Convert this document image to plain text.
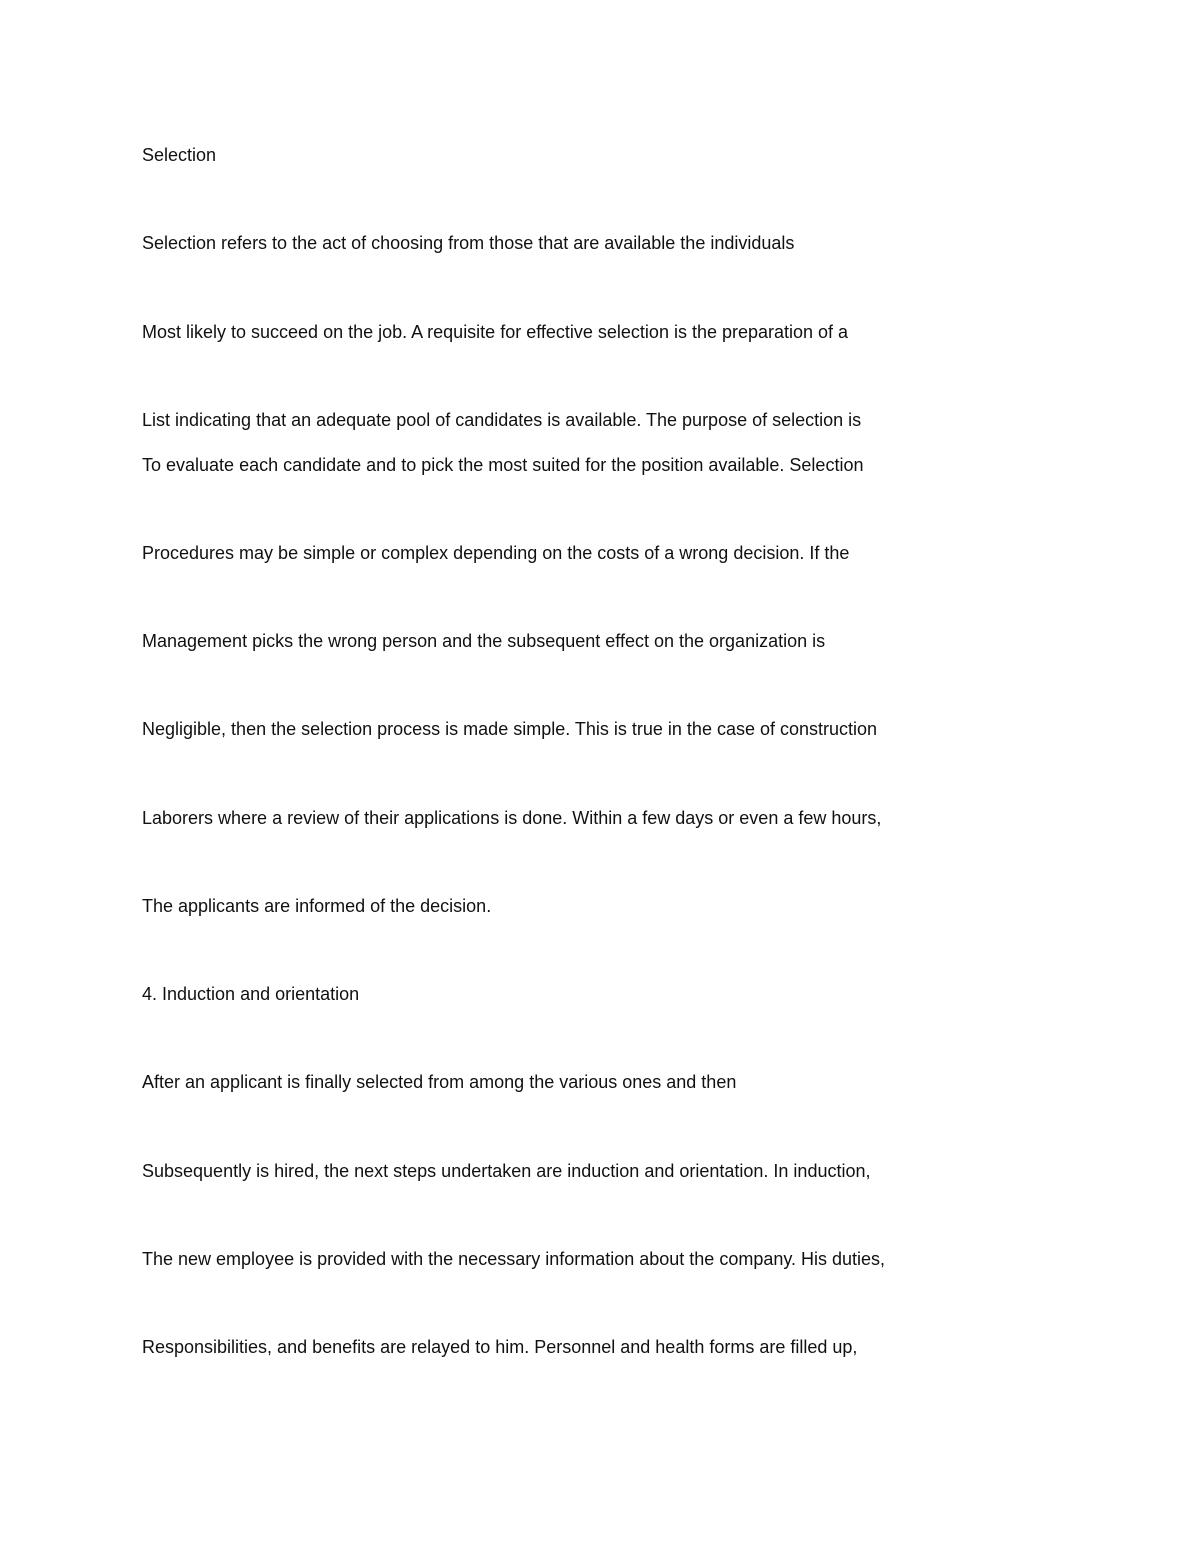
Selection

Selection refers to the act of choosing from those that are available the individuals

Most likely to succeed on the job. A requisite for effective selection is the preparation of a

List indicating that an adequate pool of candidates is available. The purpose of selection is

To evaluate each candidate and to pick the most suited for the position available. Selection

Procedures may be simple or complex depending on the costs of a wrong decision. If the

Management picks the wrong person and the subsequent effect on the organization is

Negligible, then the selection process is made simple. This is true in the case of construction

Laborers where a review of their applications is done. Within a few days or even a few hours,

The applicants are informed of the decision.

4. Induction and orientation

After an applicant is finally selected from among the various ones and then

Subsequently is hired, the next steps undertaken are induction and orientation. In induction,

The new employee is provided with the necessary information about the company. His duties,

Responsibilities, and benefits are relayed to him. Personnel and health forms are filled up,
